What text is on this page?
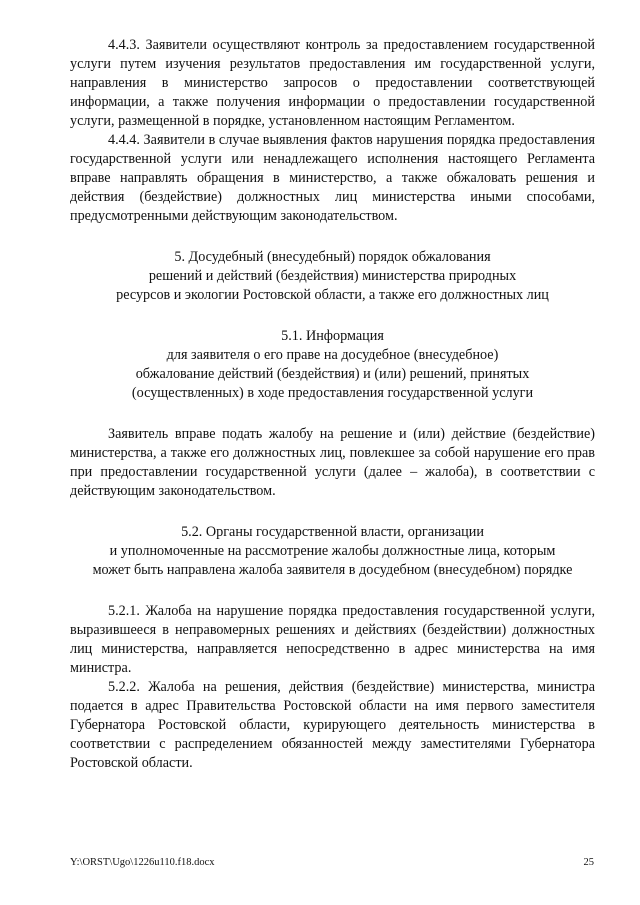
4.4.3. Заявители осуществляют контроль за предоставлением государственной услуги путем изучения результатов предоставления им государственной услуги, направления в министерство запросов о предоставлении соответствующей информации, а также получения информации о предоставлении государственной услуги, размещенной в порядке, установленном настоящим Регламентом.

4.4.4. Заявители в случае выявления фактов нарушения порядка предоставления государственной услуги или ненадлежащего исполнения настоящего Регламента вправе направлять обращения в министерство, а также обжаловать решения и действия (бездействие) должностных лиц министерства иными способами, предусмотренными действующим законодательством.

5. Досудебный (внесудебный) порядок обжалования

решений и действий (бездействия) министерства природных

ресурсов и экологии Ростовской области, а также его должностных лиц

5.1. Информация

для заявителя о его праве на досудебное (внесудебное)

обжалование действий (бездействия) и (или) решений, принятых

(осуществленных) в ходе предоставления государственной услуги

Заявитель вправе подать жалобу на решение и (или) действие (бездействие) министерства, а также его должностных лиц, повлекшее за собой нарушение его прав при предоставлении государственной услуги (далее – жалоба), в соответствии с действующим законодательством.

5.2. Органы государственной власти, организации

и уполномоченные на рассмотрение жалобы должностные лица, которым

может быть направлена жалоба заявителя в досудебном (внесудебном) порядке

5.2.1. Жалоба на нарушение порядка предоставления государственной услуги, выразившееся в неправомерных решениях и действиях (бездействии) должностных лиц министерства, направляется непосредственно в адрес министерства на имя министра.

5.2.2. Жалоба на решения, действия (бездействие) министерства, министра подается в адрес Правительства Ростовской области на имя первого заместителя Губернатора Ростовской области, курирующего деятельность министерства в соответствии с распределением обязанностей между заместителями Губернатора Ростовской области.

Y:\ORST\Ugo\1226u110.f18.docx	25
